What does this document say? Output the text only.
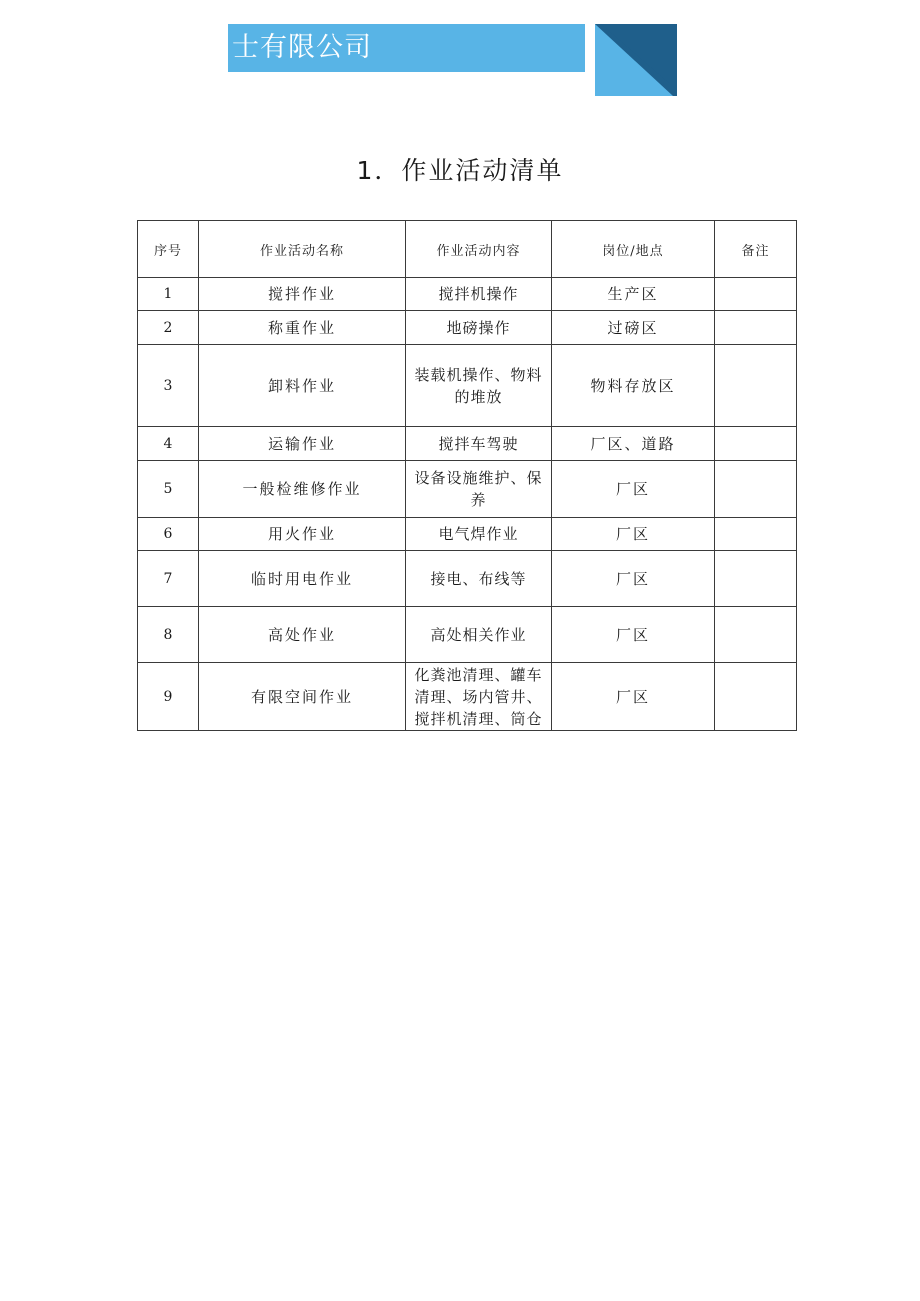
士有限公司
1．作业活动清单
序号	作业活动名称	作业活动内容	岗位/地点	备注
1	搅拌作业	搅拌机操作	生产区	
2	称重作业	地磅操作	过磅区	
3	卸料作业	装载机操作、物料的堆放	物料存放区	
4	运输作业	搅拌车驾驶	厂区、道路	
5	一般检维修作业	设备设施维护、保养	厂区	
6	用火作业	电气焊作业	厂区	
7	临时用电作业	接电、布线等	厂区	
8	高处作业	高处相关作业	厂区	
9	有限空间作业	化粪池清理、罐车清理、场内管井、搅拌机清理、筒仓	厂区	
